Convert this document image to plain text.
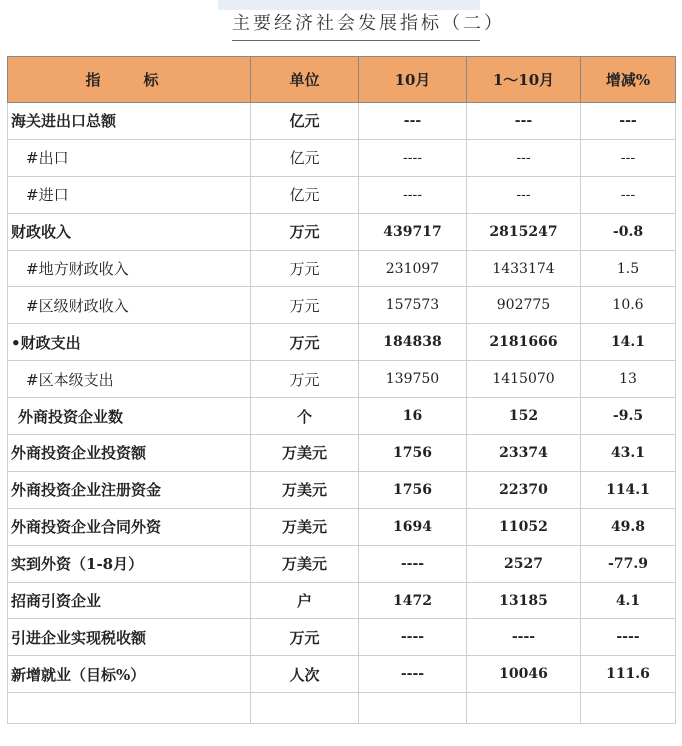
主要经济社会发展指标（二）
指　标	单位	10月	1～10月	增减%
海关进出口总额	亿元	---	---	---
#出口	亿元	----	---	---
#进口	亿元	----	---	---
财政收入	万元	439717	2815247	-0.8
#地方财政收入	万元	231097	1433174	1.5
#区级财政收入	万元	157573	902775	10.6
•财政支出	万元	184838	2181666	14.1
#区本级支出	万元	139750	1415070	13
外商投资企业数	个	16	152	-9.5
外商投资企业投资额	万美元	1756	23374	43.1
外商投资企业注册资金	万美元	1756	22370	114.1
外商投资企业合同外资	万美元	1694	11052	49.8
实到外资（1-8月）	万美元	----	2527	-77.9
招商引资企业	户	1472	13185	4.1
引进企业实现税收额	万元	----	----	----
新增就业（目标%）	人次	----	10046	111.6
